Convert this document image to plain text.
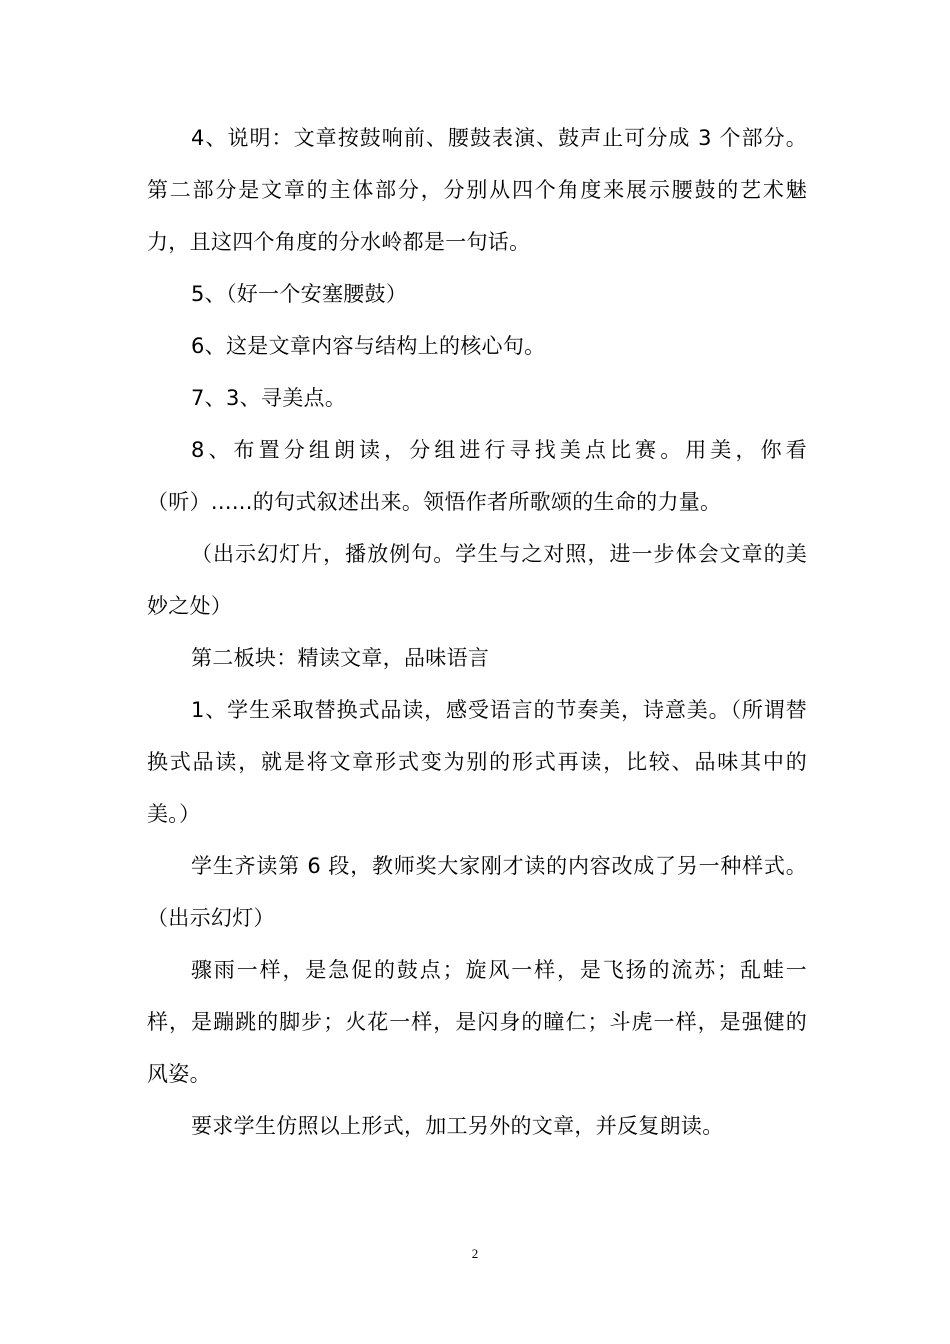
4、说明：文章按鼓响前、腰鼓表演、鼓声止可分成 3 个部分。第二部分是文章的主体部分，分别从四个角度来展示腰鼓的艺术魅力，且这四个角度的分水岭都是一句话。

5、（好一个安塞腰鼓）

6、这是文章内容与结构上的核心句。

7、3、寻美点。

8、布置分组朗读，分组进行寻找美点比赛。用美，你看（听）......的句式叙述出来。领悟作者所歌颂的生命的力量。

（出示幻灯片，播放例句。学生与之对照，进一步体会文章的美妙之处）

第二板块：精读文章，品味语言

1、学生采取替换式品读，感受语言的节奏美，诗意美。（所谓替换式品读，就是将文章形式变为别的形式再读，比较、品味其中的美。）

学生齐读第 6 段，教师奖大家刚才读的内容改成了另一种样式。（出示幻灯）

骤雨一样，是急促的鼓点；旋风一样，是飞扬的流苏；乱蛙一样，是蹦跳的脚步；火花一样，是闪身的瞳仁；斗虎一样，是强健的风姿。

要求学生仿照以上形式，加工另外的文章，并反复朗读。

2
